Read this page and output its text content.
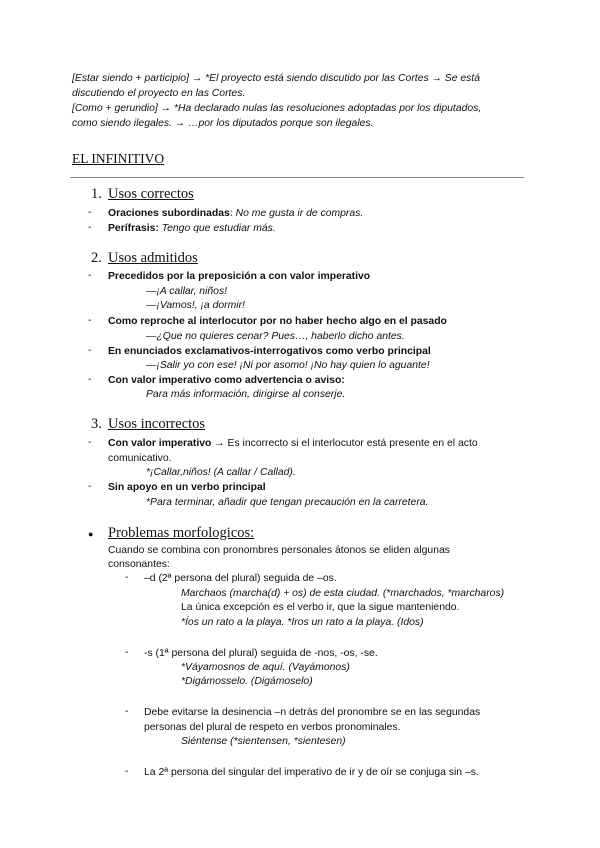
[Estar siendo + participio] → *El proyecto está siendo discutido por las Cortes → Se está
discutiendo el proyecto en las Cortes.
[Como + gerundio] → *Ha declarado nulas las resoluciones adoptadas por los diputados,
como siendo ilegales. → …por los diputados porque son ilegales.
EL INFINITIVO
1. Usos correctos
- Oraciones subordinadas: No me gusta ir de compras.
- Perífrasis: Tengo que estudiar más.
2. Usos admitidos
- Precedidos por la preposición a con valor imperativo
—¡A callar, niños!
—¡Vamos!, ¡a dormir!
- Como reproche al interlocutor por no haber hecho algo en el pasado
—¿Que no quieres cenar? Pues…, haberlo dicho antes.
- En enunciados exclamativos-interrogativos como verbo principal
—¡Salir yo con ese! ¡Ni por asomo! ¡No hay quien lo aguante!
- Con valor imperativo como advertencia o aviso:
Para más información, dirigirse al conserje.
3. Usos incorrectos
- Con valor imperativo → Es incorrecto si el interlocutor está presente en el acto
comunicativo.
*¡Callar,niños! (A callar / Callad).
- Sin apoyo en un verbo principal
*Para terminar, añadir que tengan precaución en la carretera.
● Problemas morfologicos:
Cuando se combina con pronombres personales átonos se eliden algunas
consonantes:
- –d (2ª persona del plural) seguida de –os.
Marchaos (marcha(d) + os) de esta ciudad. (*marchados, *marcharos)
La única excepción es el verbo ir, que la sigue manteniendo.
*Íos un rato a la playa. *Iros un rato a la playa. (Idos)
- -s (1ª persona del plural) seguida de -nos, -os, -se.
*Váyamosnos de aquí. (Vayámonos)
*Digámosselo. (Digámoselo)
- Debe evitarse la desinencia –n detrás del pronombre se en las segundas
personas del plural de respeto en verbos pronominales.
Siéntense (*sientensen, *sientesen)
- La 2ª persona del singular del imperativo de ir y de oír se conjuga sin –s.
